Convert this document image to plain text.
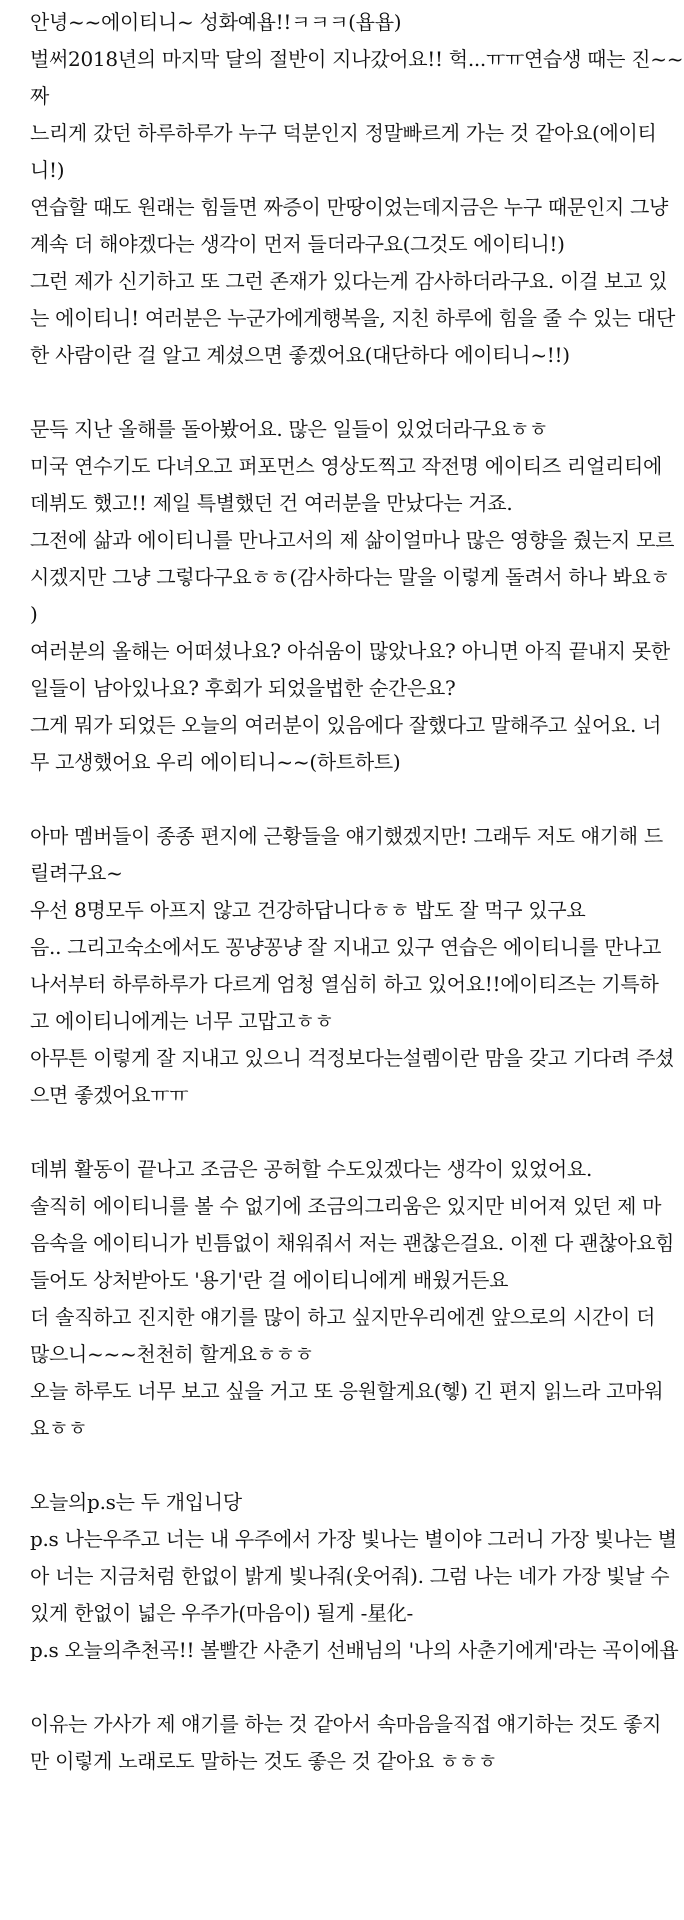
안녕~~에이티니~ 성화예욥!!ㅋㅋㅋ(욥욥)
벌써2018년의 마지막 달의 절반이 지나갔어요!! 헉...ㅠㅠ연습생 때는 진~~
짜
느리게 갔던 하루하루가 누구 덕분인지 정말빠르게 가는 것 같아요(에이티
니!)
연습할 때도 원래는 힘들면 짜증이 만땅이었는데지금은 누구 때문인지 그냥
계속 더 해야겠다는 생각이 먼저 들더라구요(그것도 에이티니!)
그런 제가 신기하고 또 그런 존재가 있다는게 감사하더라구요. 이걸 보고 있
는 에이티니! 여러분은 누군가에게행복을, 지친 하루에 힘을 줄 수 있는 대단
한 사람이란 걸 알고 계셨으면 좋겠어요(대단하다 에이티니~!!)
문득 지난 올해를 돌아봤어요. 많은 일들이 있었더라구요ㅎㅎ
미국 연수기도 다녀오고 퍼포먼스 영상도찍고 작전명 에이티즈 리얼리티에
데뷔도 했고!! 제일 특별했던 건 여러분을 만났다는 거죠.
그전에 삶과 에이티니를 만나고서의 제 삶이얼마나 많은 영향을 줬는지 모르
시겠지만 그냥 그렇다구요ㅎㅎ(감사하다는 말을 이렇게 돌려서 하나 봐요ㅎ
)
여러분의 올해는 어떠셨나요? 아쉬움이 많았나요? 아니면 아직 끝내지 못한
일들이 남아있나요? 후회가 되었을법한 순간은요?
그게 뭐가 되었든 오늘의 여러분이 있음에다 잘했다고 말해주고 싶어요. 너
무 고생했어요 우리 에이티니~~(하트하트)
아마 멤버들이 종종 편지에 근황들을 얘기했겠지만! 그래두 저도 얘기해 드
릴려구요~
우선 8명모두 아프지 않고 건강하답니다ㅎㅎ 밥도 잘 먹구 있구요
음.. 그리고숙소에서도 꽁냥꽁냥 잘 지내고 있구 연습은 에이티니를 만나고
나서부터 하루하루가 다르게 엄청 열심히 하고 있어요!!에이티즈는 기특하
고 에이티니에게는 너무 고맙고ㅎㅎ
아무튼 이렇게 잘 지내고 있으니 걱정보다는설렘이란 맘을 갖고 기다려 주셨
으면 좋겠어요ㅠㅠ
데뷔 활동이 끝나고 조금은 공허할 수도있겠다는 생각이 있었어요.
솔직히 에이티니를 볼 수 없기에 조금의그리움은 있지만 비어져 있던 제 마
음속을 에이티니가 빈틈없이 채워줘서 저는 괜찮은걸요. 이젠 다 괜찮아요힘
들어도 상처받아도 '용기'란 걸 에이티니에게 배웠거든요
더 솔직하고 진지한 얘기를 많이 하고 싶지만우리에겐 앞으로의 시간이 더
많으니~~~천천히 할게요ㅎㅎㅎ
오늘 하루도 너무 보고 싶을 거고 또 응원할게요(헿) 긴 편지 읽느라 고마워
요ㅎㅎ
오늘의p.s는 두 개입니당
p.s 나는우주고 너는 내 우주에서 가장 빛나는 별이야 그러니 가장 빛나는 별
아 너는 지금처럼 한없이 밝게 빛나줘(웃어줘). 그럼 나는 네가 가장 빛날 수
있게 한없이 넓은 우주가(마음이) 될게 -星化-
p.s 오늘의추천곡!! 볼빨간 사춘기 선배님의 '나의 사춘기에게'라는 곡이에욥
이유는 가사가 제 얘기를 하는 것 같아서 속마음을직접 얘기하는 것도 좋지
만 이렇게 노래로도 말하는 것도 좋은 것 같아요 ㅎㅎㅎ
